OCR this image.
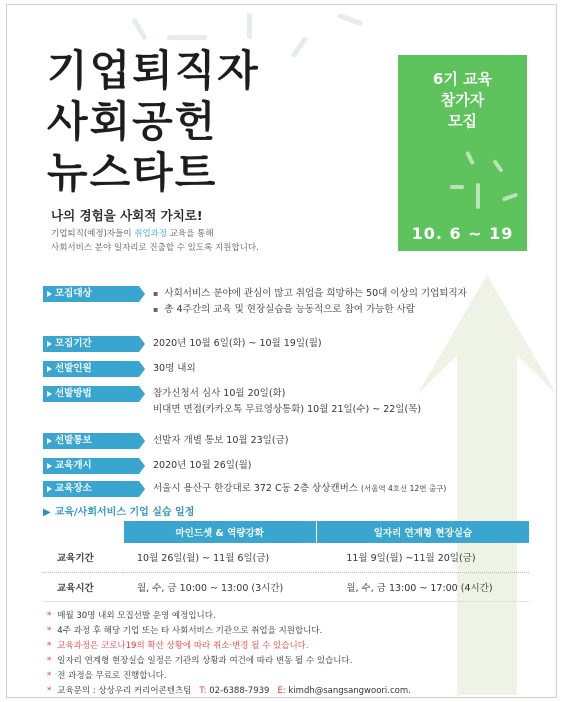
기업퇴직자
사회공헌
뉴스타트
나의 경험을 사회적 가치로!
기업퇴직(예정)자들이 취업과정 교육을 통해
사회서비스 분야 일자리로 진출할 수 있도록 지원합니다.
6기 교육
참가자
모집
10. 6 ~ 19
모집대상	▪ 사회서비스 분야에 관심이 많고 취업을 희망하는 50대 이상의 기업퇴직자
▪ 총 4주간의 교육 및 현장실습을 능동적으로 참여 가능한 사람
모집기간	2020년 10월 6일(화) ~ 10월 19일(월)
선발인원	30명 내외
선발방법	참가신청서 심사 10월 20일(화)
비대면 면접(카카오톡 무료영상통화) 10월 21일(수) ~ 22일(목)
선발통보	선발자 개별 통보 10월 23일(금)
교육개시	2020년 10월 26일(월)
교육장소	서울시 용산구 한강대로 372 C동 2층 상상캔버스 (서울역 4호선 12번 출구)
▶ 교육/사회서비스 기업 실습 일정
	마인드셋 & 역량강화	일자리 연계형 현장실습
교육기간	10월 26일(월) ~ 11월 6일(금)	11월 9일(월) ~11월 20일(금)
교육시간	월, 수, 금 10:00 ~ 13:00 (3시간)	월, 수, 금 13:00 ~ 17:00 (4시간)
* 매월 30명 내외 모집선발 운영 예정입니다.
* 4주 과정 후 해당 기업 또는 타 사회서비스 기관으로 취업을 지원합니다.
* 교육과정은 코로나19의 확산 상황에 따라 취소·변경 될 수 있습니다.
* 일자리 연계형 현장실습 일정은 기관의 상황과 여건에 따라 변동 될 수 있습니다.
* 전 과정을 무료로 진행합니다.
* 교육문의 : 상상우리 커리어콘텐츠팀 T: 02-6388-7939 E: kimdh@sangsangwoori.com.
